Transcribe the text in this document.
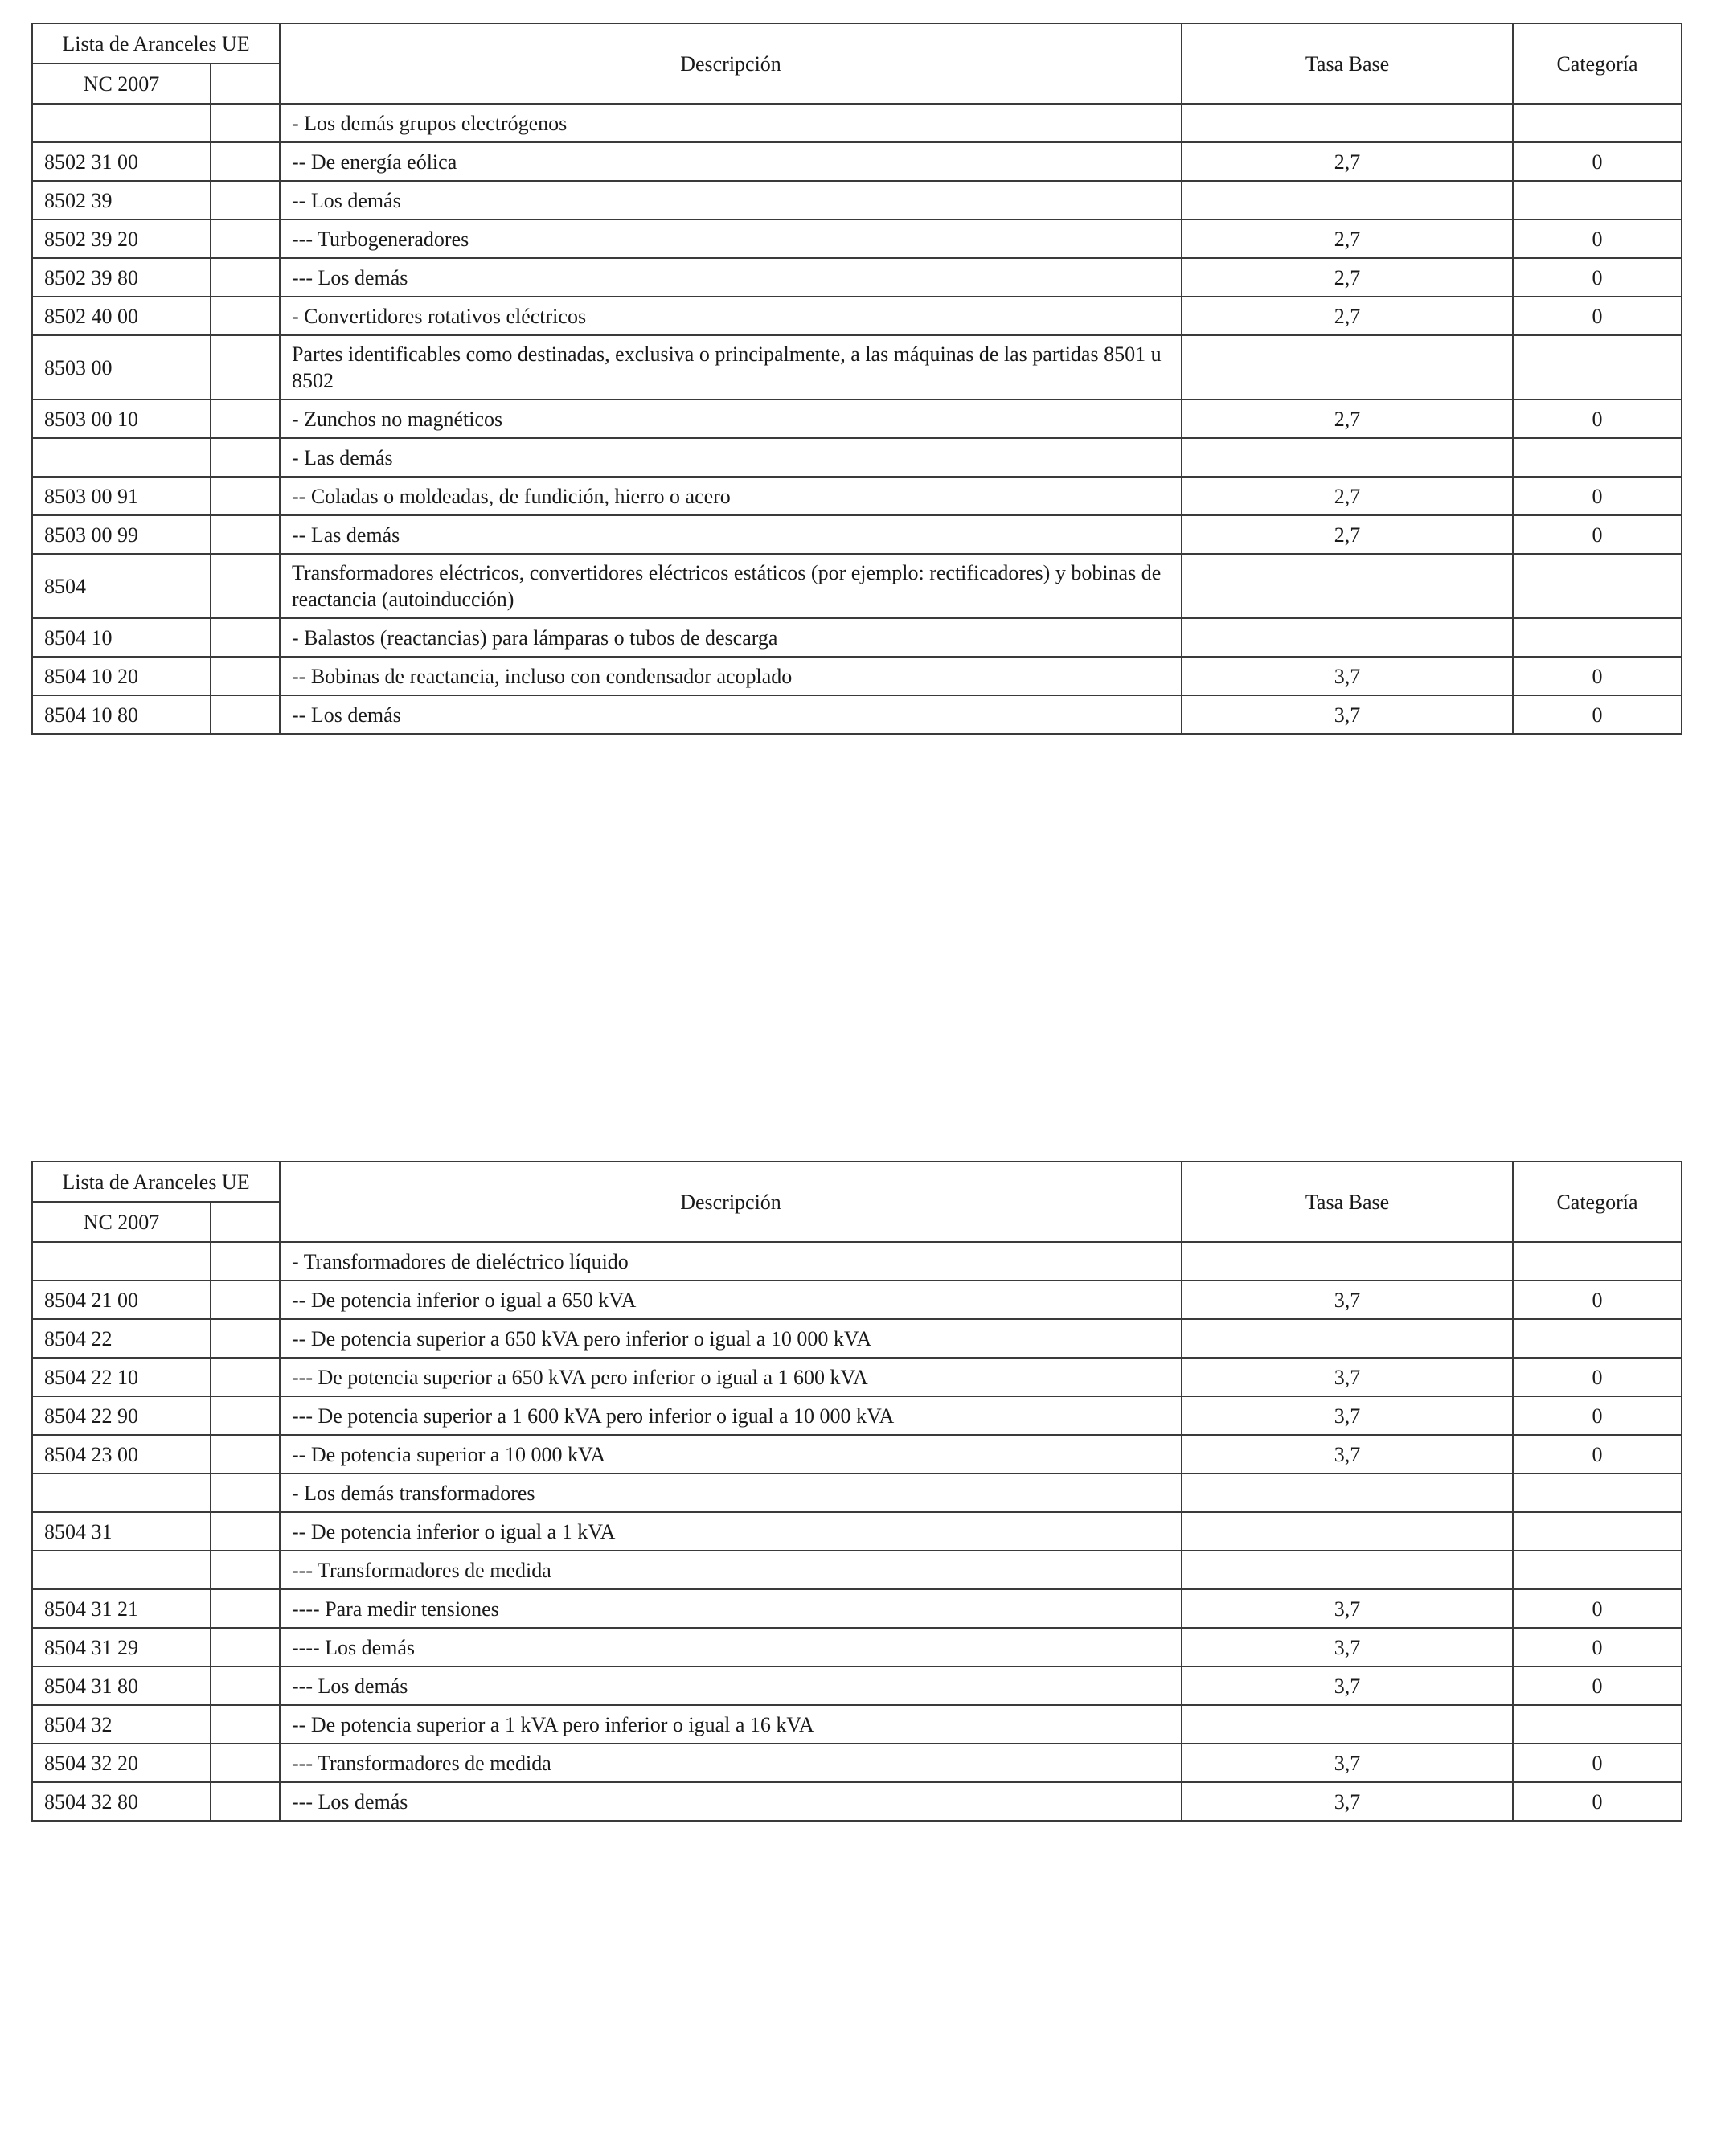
Lista de Aranceles UE		Descripción	Tasa Base	Categoría
NC 2007				
		- Los demás grupos electrógenos		
8502 31 00		-- De energía eólica	2,7	0
8502 39		-- Los demás		
8502 39 20		--- Turbogeneradores	2,7	0
8502 39 80		--- Los demás	2,7	0
8502 40 00		- Convertidores rotativos eléctricos	2,7	0
8503 00		Partes identificables como destinadas, exclusiva o principalmente, a las máquinas de las partidas 8501 u 8502		
8503 00 10		- Zunchos no magnéticos	2,7	0
		- Las demás		
8503 00 91		-- Coladas o moldeadas, de fundición, hierro o acero	2,7	0
8503 00 99		-- Las demás	2,7	0
8504		Transformadores eléctricos, convertidores eléctricos estáticos (por ejemplo: rectificadores) y bobinas de reactancia (autoinducción)		
8504 10		- Balastos (reactancias) para lámparas o tubos de descarga		
8504 10 20		-- Bobinas de reactancia, incluso con condensador acoplado	3,7	0
8504 10 80		-- Los demás	3,7	0
Lista de Aranceles UE		Descripción	Tasa Base	Categoría
NC 2007				
		- Transformadores de dieléctrico líquido		
8504 21 00		-- De potencia inferior o igual a 650 kVA	3,7	0
8504 22		-- De potencia superior a 650 kVA pero inferior o igual a 10 000 kVA		
8504 22 10		--- De potencia superior a 650 kVA pero inferior o igual a 1 600 kVA	3,7	0
8504 22 90		--- De potencia superior a 1 600 kVA pero inferior o igual a 10 000 kVA	3,7	0
8504 23 00		-- De potencia superior a 10 000 kVA	3,7	0
		- Los demás transformadores		
8504 31		-- De potencia inferior o igual a 1 kVA		
		--- Transformadores de medida		
8504 31 21		---- Para medir tensiones	3,7	0
8504 31 29		---- Los demás	3,7	0
8504 31 80		--- Los demás	3,7	0
8504 32		-- De potencia superior a 1 kVA pero inferior o igual a 16 kVA		
8504 32 20		--- Transformadores de medida	3,7	0
8504 32 80		--- Los demás	3,7	0
